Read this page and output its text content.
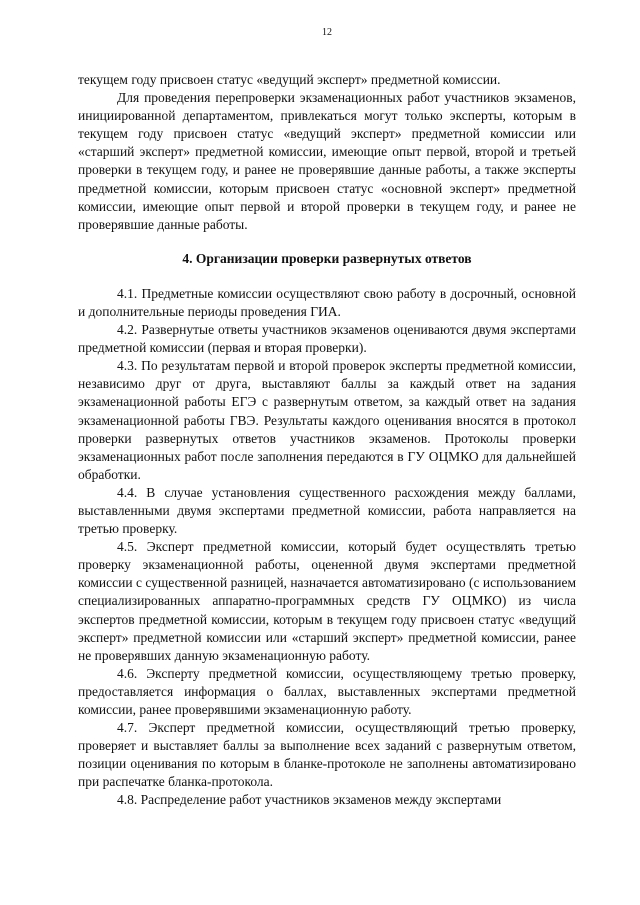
12

текущем году присвоен статус «ведущий эксперт» предметной комиссии.

Для проведения перепроверки экзаменационных работ участников экзаменов, инициированной департаментом, привлекаться могут только эксперты, которым в текущем году присвоен статус «ведущий эксперт» предметной комиссии или «старший эксперт» предметной комиссии, имеющие опыт первой, второй и третьей проверки в текущем году, и ранее не проверявшие данные работы, а также эксперты предметной комиссии, которым присвоен статус «основной эксперт» предметной комиссии, имеющие опыт первой и второй проверки в текущем году, и ранее не проверявшие данные работы.

4. Организации проверки развернутых ответов

4.1. Предметные комиссии осуществляют свою работу в досрочный, основной и дополнительные периоды проведения ГИА.

4.2. Развернутые ответы участников экзаменов оцениваются двумя экспертами предметной комиссии (первая и вторая проверки).

4.3. По результатам первой и второй проверок эксперты предметной комиссии, независимо друг от друга, выставляют баллы за каждый ответ на задания экзаменационной работы ЕГЭ с развернутым ответом, за каждый ответ на задания экзаменационной работы ГВЭ. Результаты каждого оценивания вносятся в протокол проверки развернутых ответов участников экзаменов. Протоколы проверки экзаменационных работ после заполнения передаются в ГУ ОЦМКО для дальнейшей обработки.

4.4. В случае установления существенного расхождения между баллами, выставленными двумя экспертами предметной комиссии, работа направляется на третью проверку.

4.5. Эксперт предметной комиссии, который будет осуществлять третью проверку экзаменационной работы, оцененной двумя экспертами предметной комиссии с существенной разницей, назначается автоматизировано (с использованием специализированных аппаратно-программных средств ГУ ОЦМКО) из числа экспертов предметной комиссии, которым в текущем году присвоен статус «ведущий эксперт» предметной комиссии или «старший эксперт» предметной комиссии, ранее не проверявших данную экзаменационную работу.

4.6. Эксперту предметной комиссии, осуществляющему третью проверку, предоставляется информация о баллах, выставленных экспертами предметной комиссии, ранее проверявшими экзаменационную работу.

4.7. Эксперт предметной комиссии, осуществляющий третью проверку, проверяет и выставляет баллы за выполнение всех заданий с развернутым ответом, позиции оценивания по которым в бланке-протоколе не заполнены автоматизировано при распечатке бланка-протокола.

4.8. Распределение работ участников экзаменов между экспертами
